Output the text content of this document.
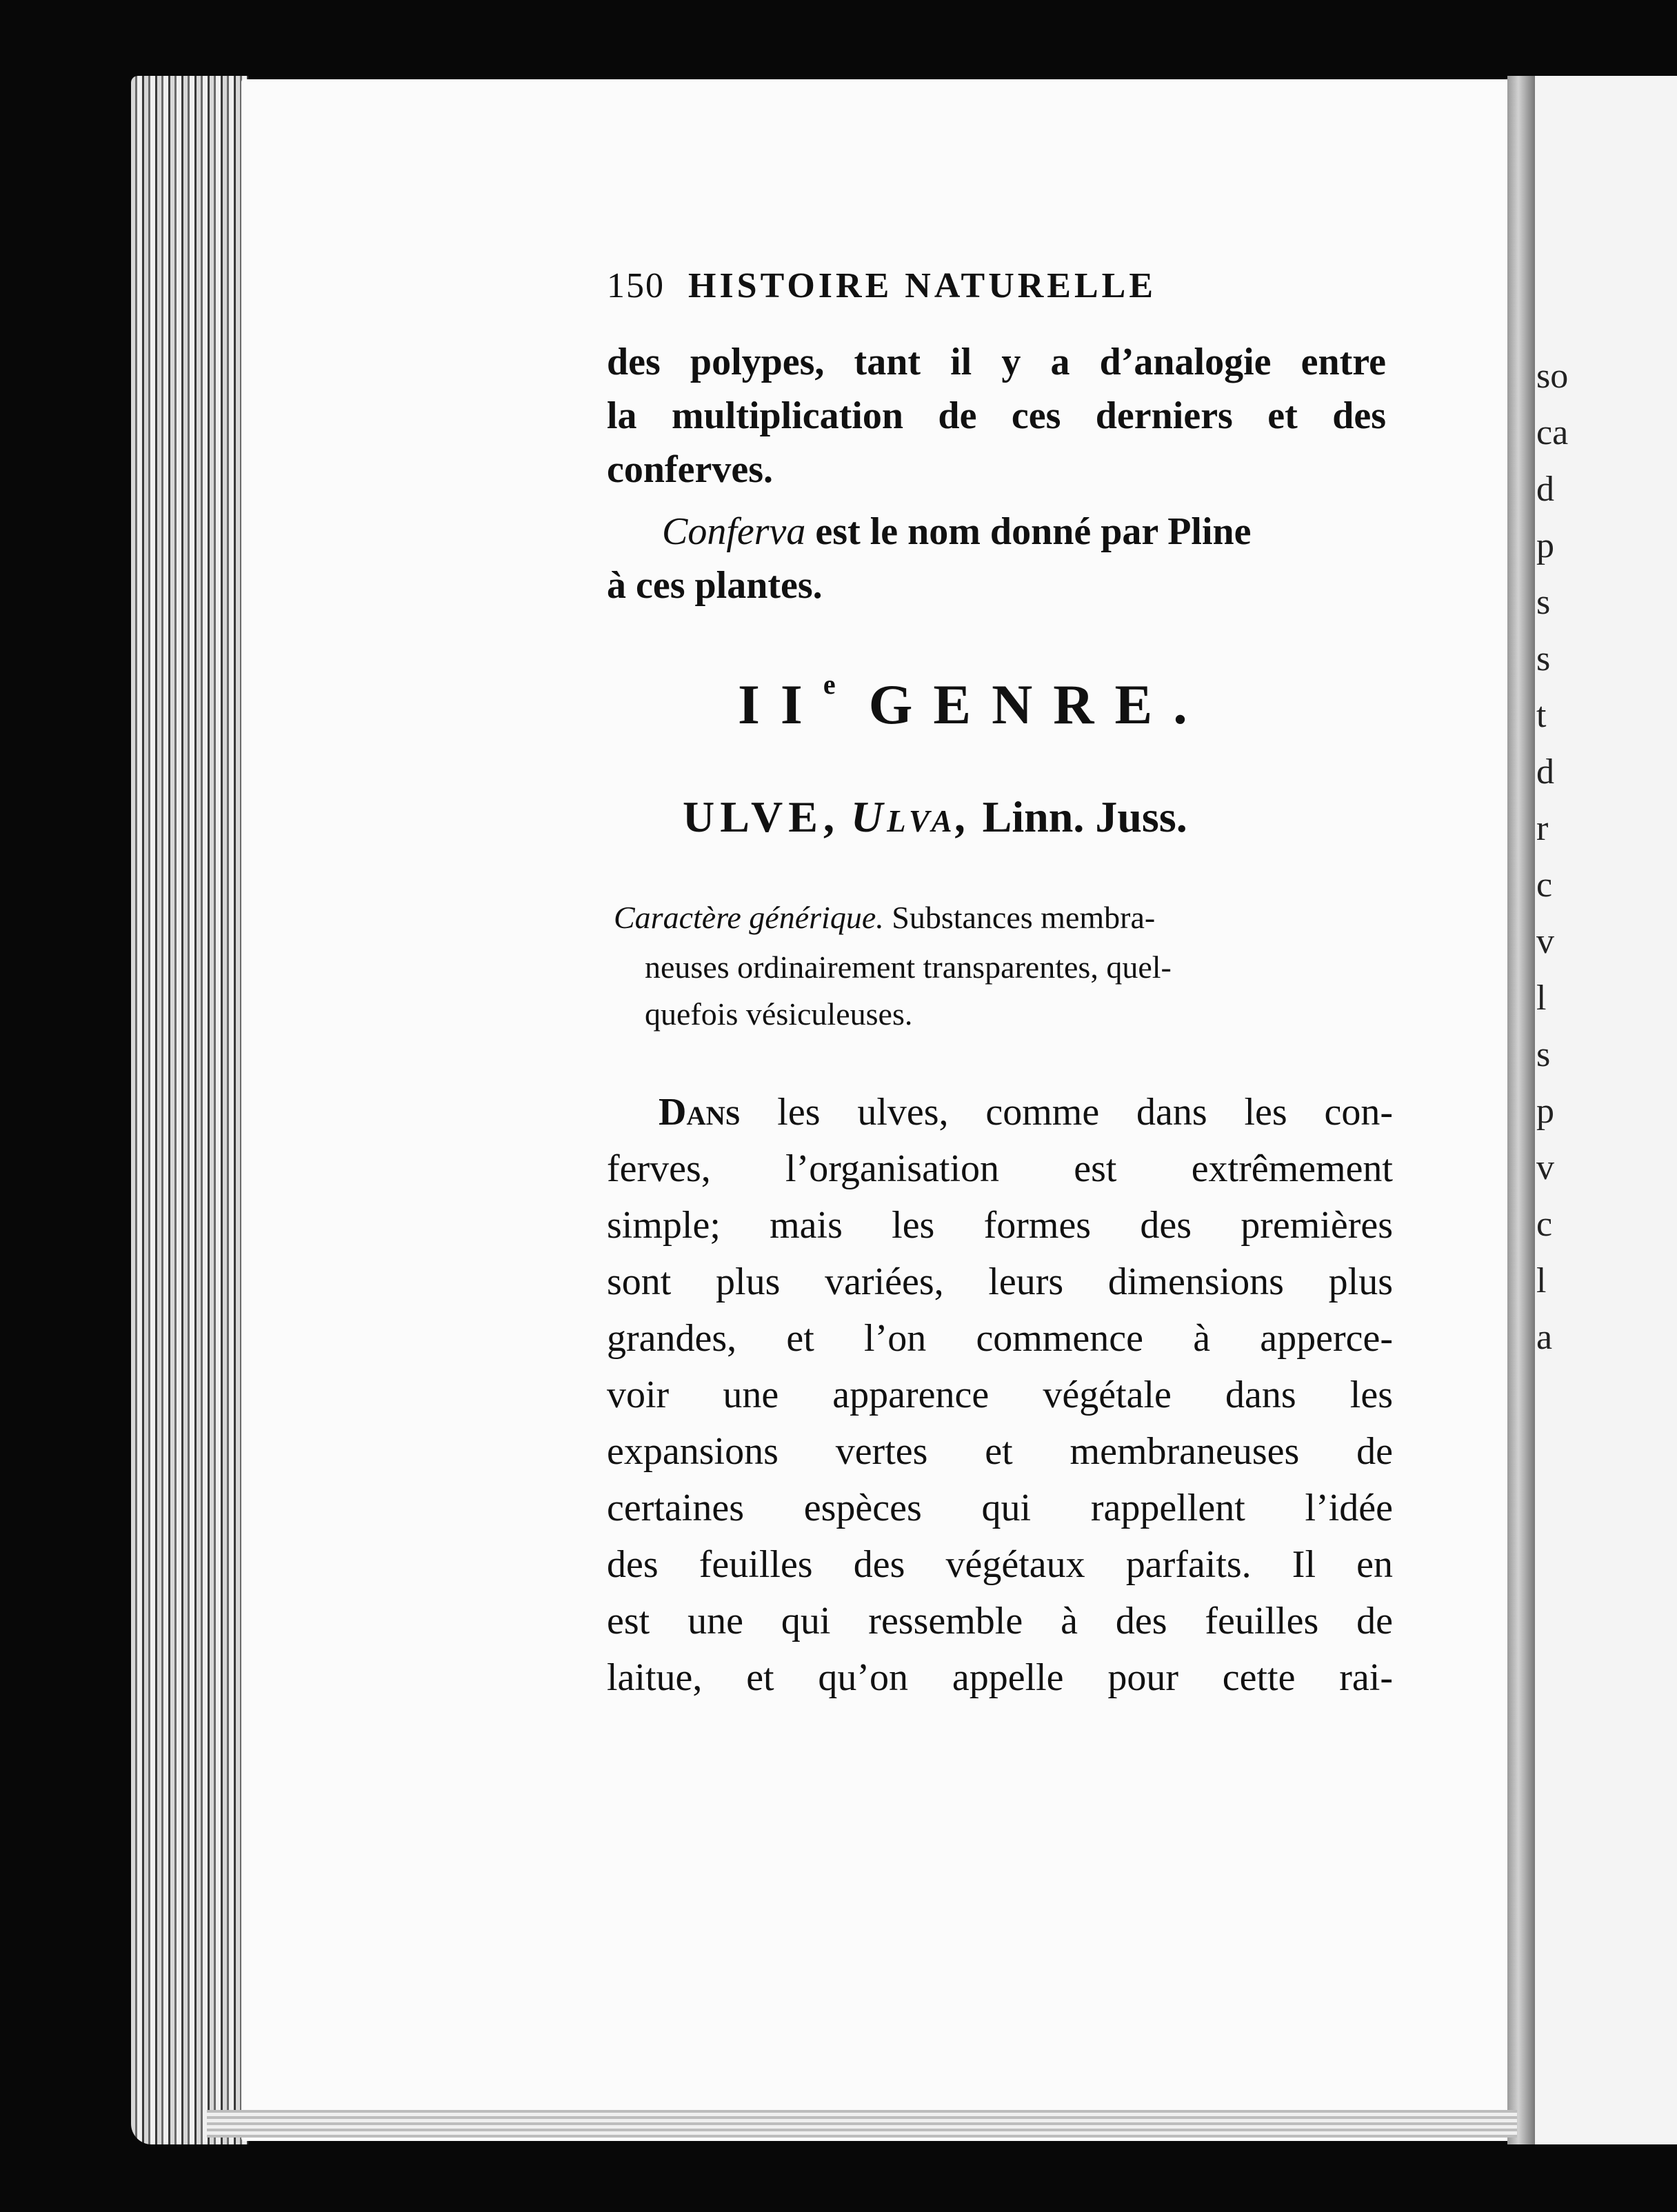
so
ca
d
p
s
s
t
d
r
c
v
l
s
p
v
c
l
a
150 HISTOIRE NATURELLE
des polypes, tant il y a d’analogie entre
la multiplication de ces derniers et des
conferves.
Conferva est le nom donné par Pline
à ces plantes.
IIe GENRE.
ULVE, Ulva, Linn. Juss.
Caractère générique. Substances membra-
neuses ordinairement transparentes, quel-
quefois vésiculeuses.
Dans les ulves, comme dans les con-
ferves, l’organisation est extrêmement
simple; mais les formes des premières
sont plus variées, leurs dimensions plus
grandes, et l’on commence à apperce-
voir une apparence végétale dans les
expansions vertes et membraneuses de
certaines espèces qui rappellent l’idée
des feuilles des végétaux parfaits. Il en
est une qui ressemble à des feuilles de
laitue, et qu’on appelle pour cette rai-
